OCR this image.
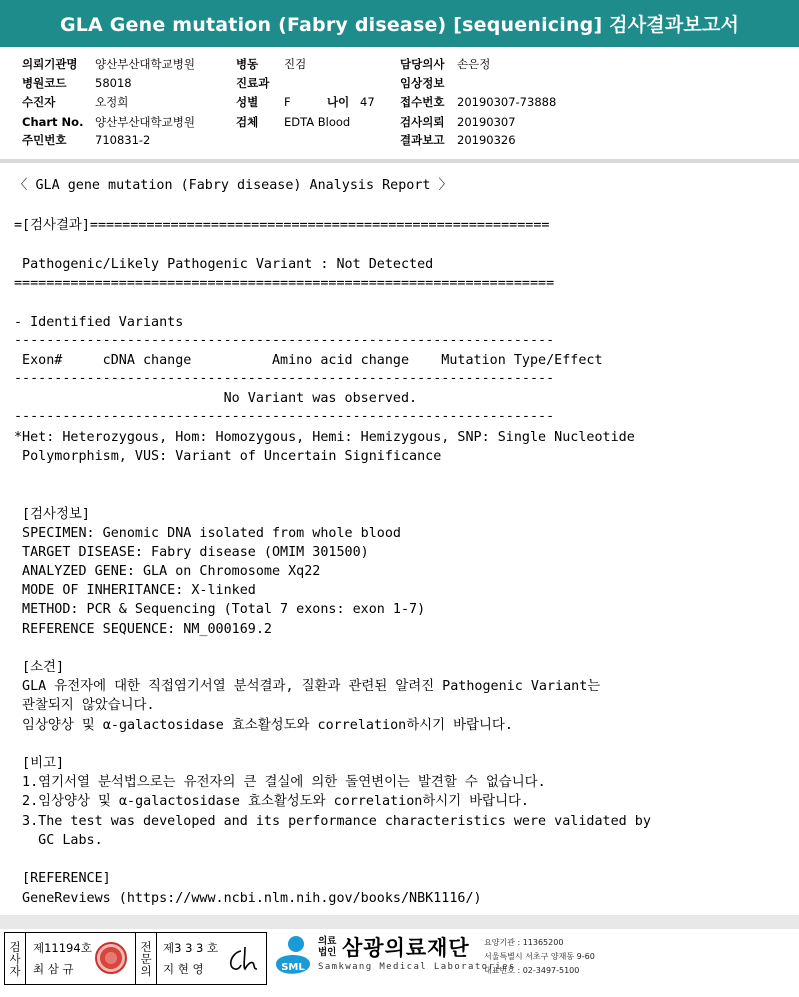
GLA Gene mutation (Fabry disease) [sequenicing] 검사결과보고서
의뢰기관명 양산부산대학교병원	병동 진검	담당의사 손은정
병원코드 58018	진료과	임상정보
수진자	오정희	성별 F	나이 47 접수번호 20190307-73888
Chart No. 양산부산대학교병원	검체 EDTA Blood	검사의뢰 20190307
주민번호 710831-2	결과보고 20190326

〈 GLA gene mutation (Fabry disease) Analysis Report 〉

=[검사결과]=========================================================

Pathogenic/Likely Pathogenic Variant : Not Detected

===================================================================

- Identified Variants

-------------------------------------------------------------------

Exon#     cDNA change          Amino acid change    Mutation Type/Effect

-------------------------------------------------------------------

No Variant was observed.

-------------------------------------------------------------------

*Het: Heterozygous, Hom: Homozygous, Hemi: Hemizygous, SNP: Single Nucleotide

Polymorphism, VUS: Variant of Uncertain Significance

[검사정보]

SPECIMEN: Genomic DNA isolated from whole blood

TARGET DISEASE: Fabry disease (OMIM 301500)

ANALYZED GENE: GLA on Chromosome Xq22

MODE OF INHERITANCE: X-linked

METHOD: PCR & Sequencing (Total 7 exons: exon 1-7)

REFERENCE SEQUENCE: NM_000169.2

[소견]

GLA 유전자에 대한 직접염기서열 분석결과, 질환과 관련된 알려진 Pathogenic Variant는

관찰되지 않았습니다.

임상양상 및 α-galactosidase 효소활성도와 correlation하시기 바랍니다.

[비고]

1.염기서열 분석법으로는 유전자의 큰 결실에 의한 돌연변이는 발견할 수 없습니다.

2.임상양상 및 α-galactosidase 효소활성도와 correlation하시기 바랍니다.

3.The test was developed and its performance characteristics were validated by

GC Labs.

[REFERENCE]

GeneReviews (https://www.ncbi.nlm.nih.gov/books/NBK1116/)

검
사
자
제11194호
최 삼 규
전
문
의
제3 3 3 호
지 현 영	SML
의료
법인 삼광의료재단
Samkwang Medical Laboratories
요양기관 : 11365200
서울특별시 서초구 양재동 9-60
대표번호 : 02-3497-5100
